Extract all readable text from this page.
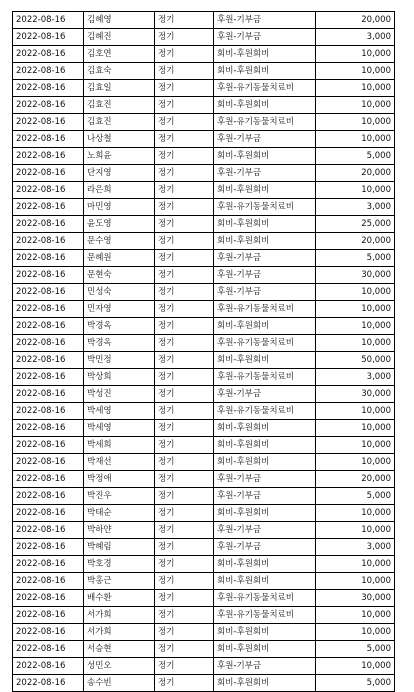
2022-08-16	김혜영	정기	후원-기부금	20,000
2022-08-16	김혜진	정기	후원-기부금	3,000
2022-08-16	김호연	정기	회비-후원회비	10,000
2022-08-16	김효숙	정기	회비-후원회비	10,000
2022-08-16	김효일	정기	후원-유기동물치료비	10,000
2022-08-16	김효진	정기	회비-후원회비	10,000
2022-08-16	김효진	정기	후원-유기동물치료비	10,000
2022-08-16	나상철	정기	후원-기부금	10,000
2022-08-16	노희윤	정기	회비-후원회비	5,000
2022-08-16	단지영	정기	후원-기부금	20,000
2022-08-16	라은희	정기	회비-후원회비	10,000
2022-08-16	마민영	정기	후원-유기동물치료비	3,000
2022-08-16	윤도영	정기	회비-후원회비	25,000
2022-08-16	문수영	정기	회비-후원회비	20,000
2022-08-16	문혜원	정기	후원-기부금	5,000
2022-08-16	문현숙	정기	후원-기부금	30,000
2022-08-16	민성숙	정기	후원-기부금	10,000
2022-08-16	민자영	정기	후원-유기동물치료비	10,000
2022-08-16	박경옥	정기	회비-후원회비	10,000
2022-08-16	박경옥	정기	후원-유기동물치료비	10,000
2022-08-16	박민정	정기	회비-후원회비	50,000
2022-08-16	박상희	정기	후원-유기동물치료비	3,000
2022-08-16	박성진	정기	후원-기부금	30,000
2022-08-16	박세영	정기	후원-유기동물치료비	10,000
2022-08-16	박세영	정기	회비-후원회비	10,000
2022-08-16	박세희	정기	회비-후원회비	10,000
2022-08-16	박재선	정기	회비-후원회비	10,000
2022-08-16	박정애	정기	후원-기부금	20,000
2022-08-16	박진우	정기	후원-기부금	5,000
2022-08-16	박태순	정기	회비-후원회비	10,000
2022-08-16	박하얀	정기	후원-기부금	10,000
2022-08-16	박혜림	정기	후원-기부금	3,000
2022-08-16	박호경	정기	회비-후원회비	10,000
2022-08-16	박홍근	정기	회비-후원회비	10,000
2022-08-16	배수환	정기	후원-유기동물치료비	30,000
2022-08-16	서가희	정기	후원-유기동물치료비	10,000
2022-08-16	서가희	정기	회비-후원회비	10,000
2022-08-16	서승현	정기	회비-후원회비	5,000
2022-08-16	성민오	정기	후원-기부금	10,000
2022-08-16	송수빈	정기	회비-후원회비	5,000
